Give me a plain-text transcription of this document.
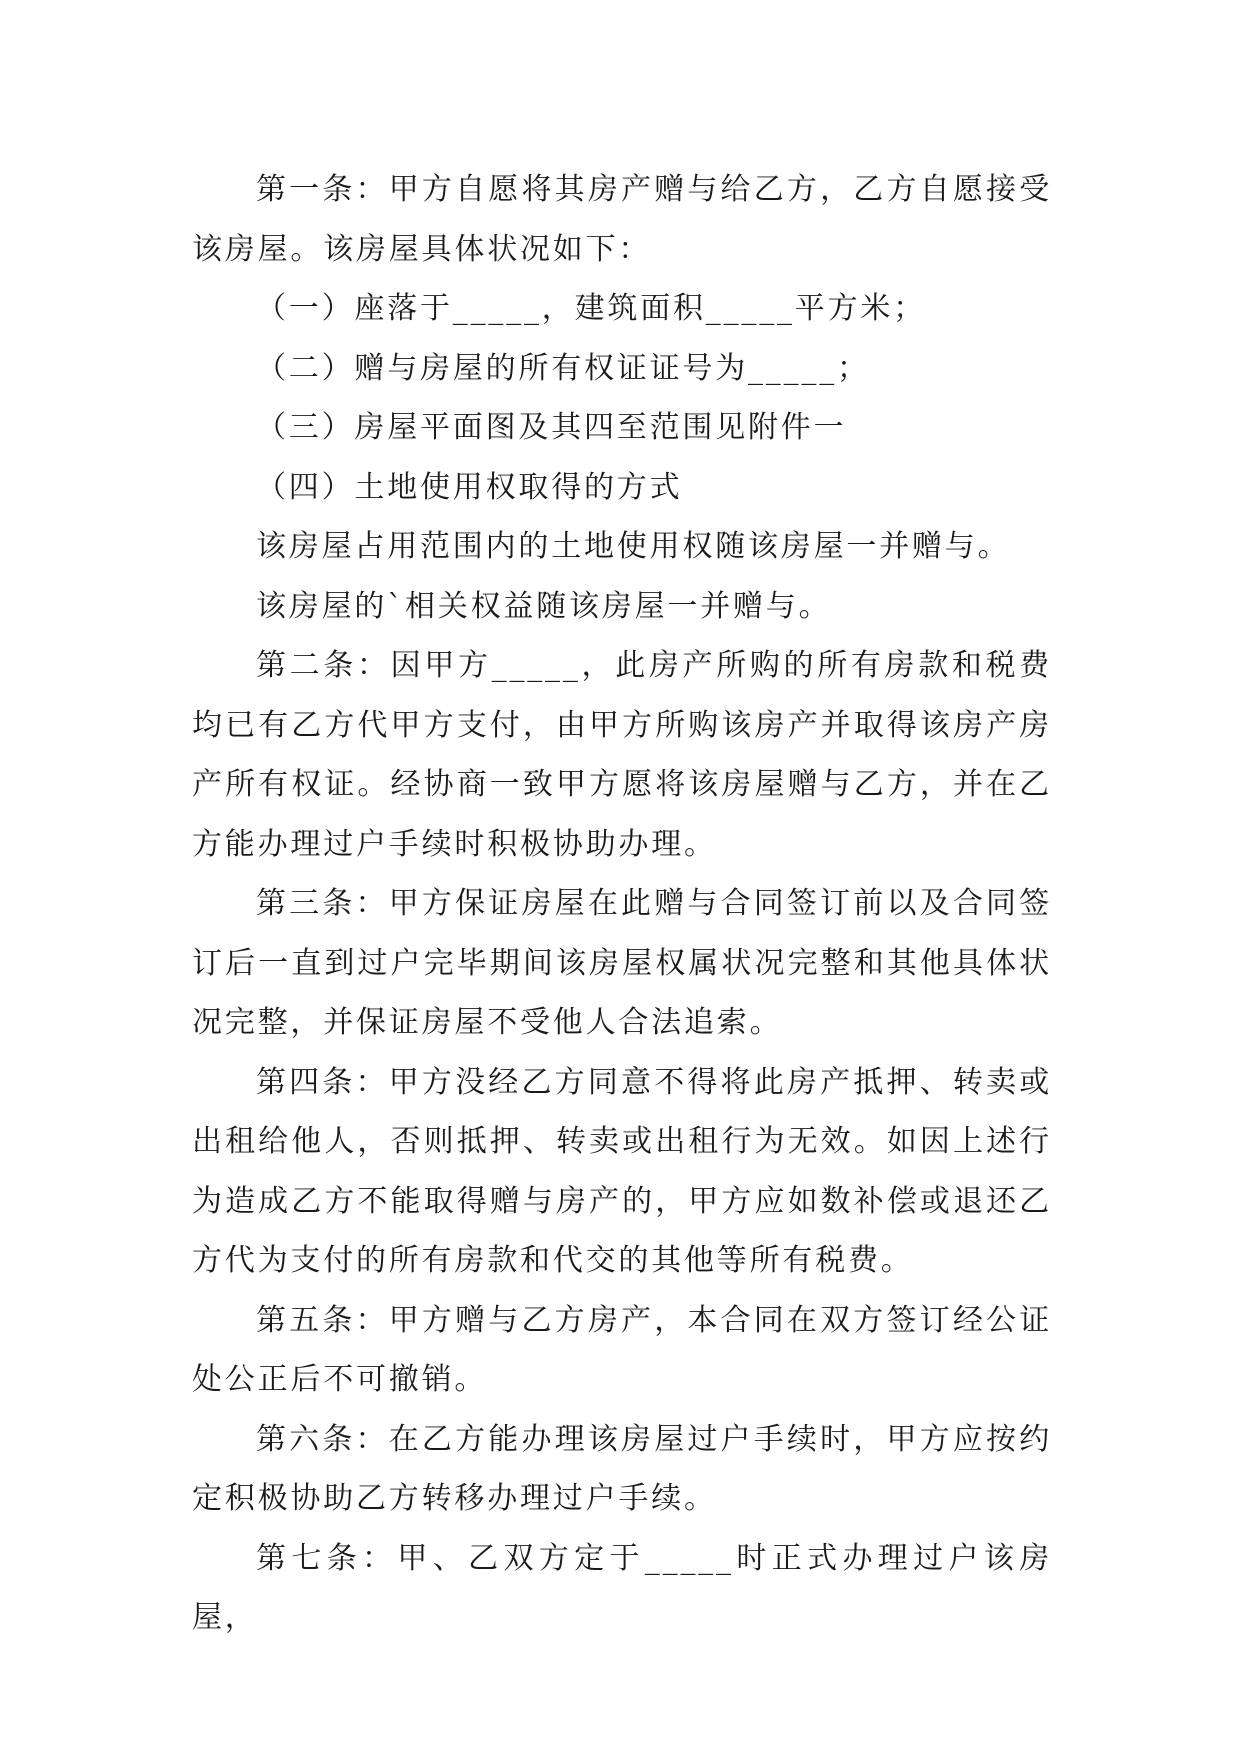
第一条：甲方自愿将其房产赠与给乙方，乙方自愿接受该房屋。该房屋具体状况如下：

（一）座落于_____，建筑面积_____平方米；

（二）赠与房屋的所有权证证号为_____；

（三）房屋平面图及其四至范围见附件一

（四）土地使用权取得的方式

该房屋占用范围内的土地使用权随该房屋一并赠与。

该房屋的`相关权益随该房屋一并赠与。

第二条：因甲方_____，此房产所购的所有房款和税费均已有乙方代甲方支付，由甲方所购该房产并取得该房产房产所有权证。经协商一致甲方愿将该房屋赠与乙方，并在乙方能办理过户手续时积极协助办理。

第三条：甲方保证房屋在此赠与合同签订前以及合同签订后一直到过户完毕期间该房屋权属状况完整和其他具体状况完整，并保证房屋不受他人合法追索。

第四条：甲方没经乙方同意不得将此房产抵押、转卖或出租给他人，否则抵押、转卖或出租行为无效。如因上述行为造成乙方不能取得赠与房产的，甲方应如数补偿或退还乙方代为支付的所有房款和代交的其他等所有税费。

第五条：甲方赠与乙方房产，本合同在双方签订经公证处公正后不可撤销。

第六条：在乙方能办理该房屋过户手续时，甲方应按约定积极协助乙方转移办理过户手续。

第七条：甲、乙双方定于_____时正式办理过户该房屋，
